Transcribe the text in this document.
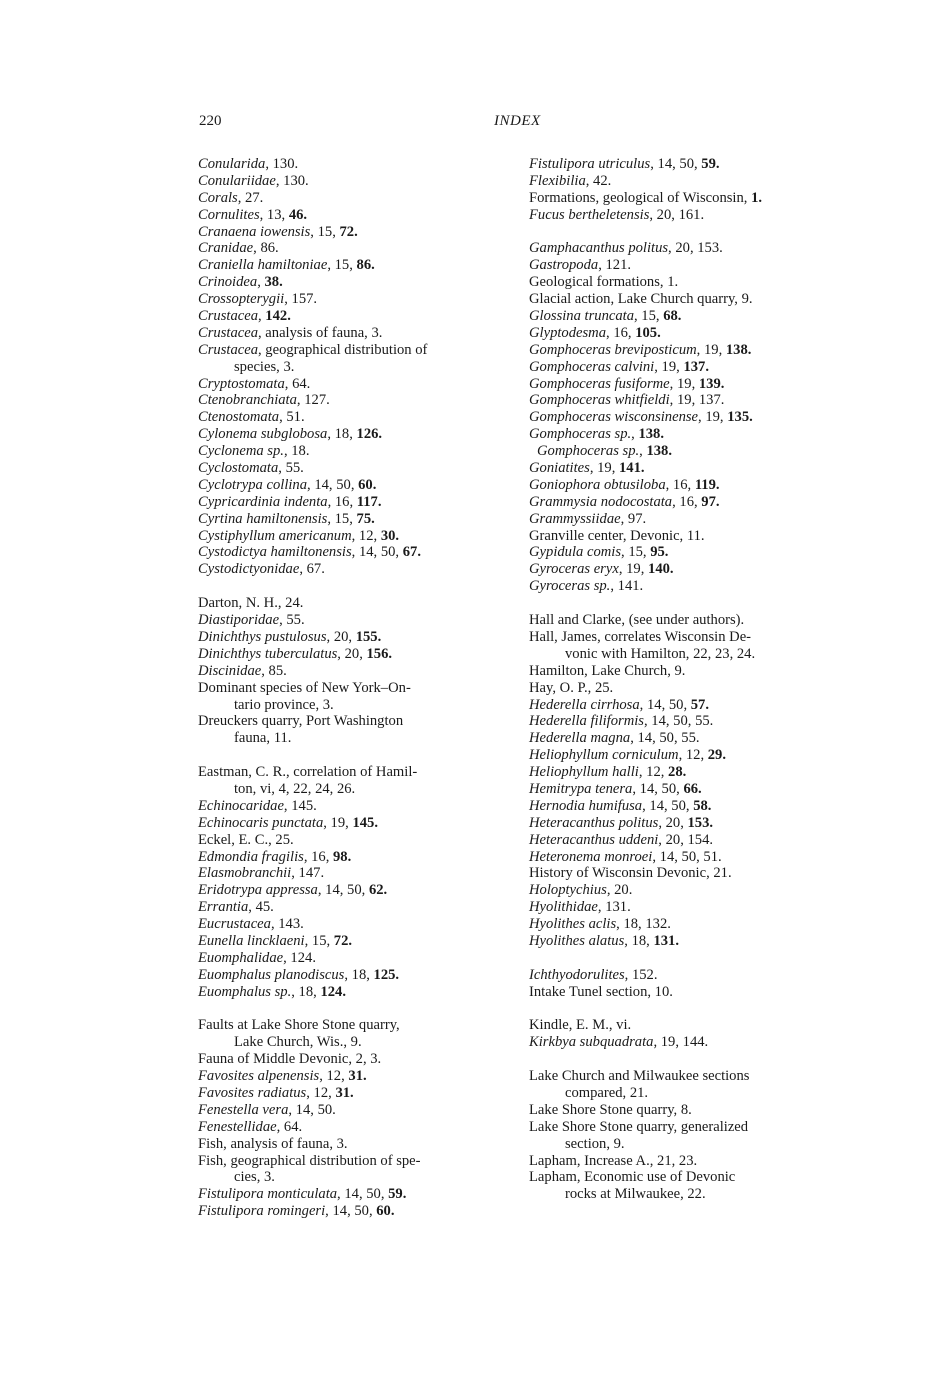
220	INDEX
Conularida, 130.
Conulariidae, 130.
Corals, 27.
Cornulites, 13, 46.
Cranaena iowensis, 15, 72.
Cranidae, 86.
Craniella hamiltoniae, 15, 86.
Crinoidea, 38.
Crossopterygii, 157.
Crustacea, 142.
Crustacea, analysis of fauna, 3.
Crustacea, geographical distribution of
species, 3.
Cryptostomata, 64.
Ctenobranchiata, 127.
Ctenostomata, 51.
Cylonema subglobosa, 18, 126.
Cyclonema sp., 18.
Cyclostomata, 55.
Cyclotrypa collina, 14, 50, 60.
Cypricardinia indenta, 16, 117.
Cyrtina hamiltonensis, 15, 75.
Cystiphyllum americanum, 12, 30.
Cystodictya hamiltonensis, 14, 50, 67.
Cystodictyonidae, 67.
Darton, N. H., 24.
Diastiporidae, 55.
Dinichthys pustulosus, 20, 155.
Dinichthys tuberculatus, 20, 156.
Discinidae, 85.
Dominant species of New York–On-
tario province, 3.
Dreuckers quarry, Port Washington
fauna, 11.
Eastman, C. R., correlation of Hamil-
ton, vi, 4, 22, 24, 26.
Echinocaridae, 145.
Echinocaris punctata, 19, 145.
Eckel, E. C., 25.
Edmondia fragilis, 16, 98.
Elasmobranchii, 147.
Eridotrypa appressa, 14, 50, 62.
Errantia, 45.
Eucrustacea, 143.
Eunella lincklaeni, 15, 72.
Euomphalidae, 124.
Euomphalus planodiscus, 18, 125.
Euomphalus sp., 18, 124.
Faults at Lake Shore Stone quarry,
Lake Church, Wis., 9.
Fauna of Middle Devonic, 2, 3.
Favosites alpenensis, 12, 31.
Favosites radiatus, 12, 31.
Fenestella vera, 14, 50.
Fenestellidae, 64.
Fish, analysis of fauna, 3.
Fish, geographical distribution of spe-
cies, 3.
Fistulipora monticulata, 14, 50, 59.
Fistulipora romingeri, 14, 50, 60.
Fistulipora utriculus, 14, 50, 59.
Flexibilia, 42.
Formations, geological of Wisconsin, 1.
Fucus bertheletensis, 20, 161.
Gamphacanthus politus, 20, 153.
Gastropoda, 121.
Geological formations, 1.
Glacial action, Lake Church quarry, 9.
Glossina truncata, 15, 68.
Glyptodesma, 16, 105.
Gomphoceras breviposticum, 19, 138.
Gomphoceras calvini, 19, 137.
Gomphoceras fusiforme, 19, 139.
Gomphoceras whitfieldi, 19, 137.
Gomphoceras wisconsinense, 19, 135.
Gomphoceras sp., 138.
Gomphoceras sp., 138.
Goniatites, 19, 141.
Goniophora obtusiloba, 16, 119.
Grammysia nodocostata, 16, 97.
Grammyssiidae, 97.
Granville center, Devonic, 11.
Gypidula comis, 15, 95.
Gyroceras eryx, 19, 140.
Gyroceras sp., 141.
Hall and Clarke, (see under authors).
Hall, James, correlates Wisconsin De-
vonic with Hamilton, 22, 23, 24.
Hamilton, Lake Church, 9.
Hay, O. P., 25.
Hederella cirrhosa, 14, 50, 57.
Hederella filiformis, 14, 50, 55.
Hederella magna, 14, 50, 55.
Heliophyllum corniculum, 12, 29.
Heliophyllum halli, 12, 28.
Hemitrypa tenera, 14, 50, 66.
Hernodia humifusa, 14, 50, 58.
Heteracanthus politus, 20, 153.
Heteracanthus uddeni, 20, 154.
Heteronema monroei, 14, 50, 51.
History of Wisconsin Devonic, 21.
Holoptychius, 20.
Hyolithidae, 131.
Hyolithes aclis, 18, 132.
Hyolithes alatus, 18, 131.
Ichthyodorulites, 152.
Intake Tunel section, 10.
Kindle, E. M., vi.
Kirkbya subquadrata, 19, 144.
Lake Church and Milwaukee sections
compared, 21.
Lake Shore Stone quarry, 8.
Lake Shore Stone quarry, generalized
section, 9.
Lapham, Increase A., 21, 23.
Lapham, Economic use of Devonic
rocks at Milwaukee, 22.
